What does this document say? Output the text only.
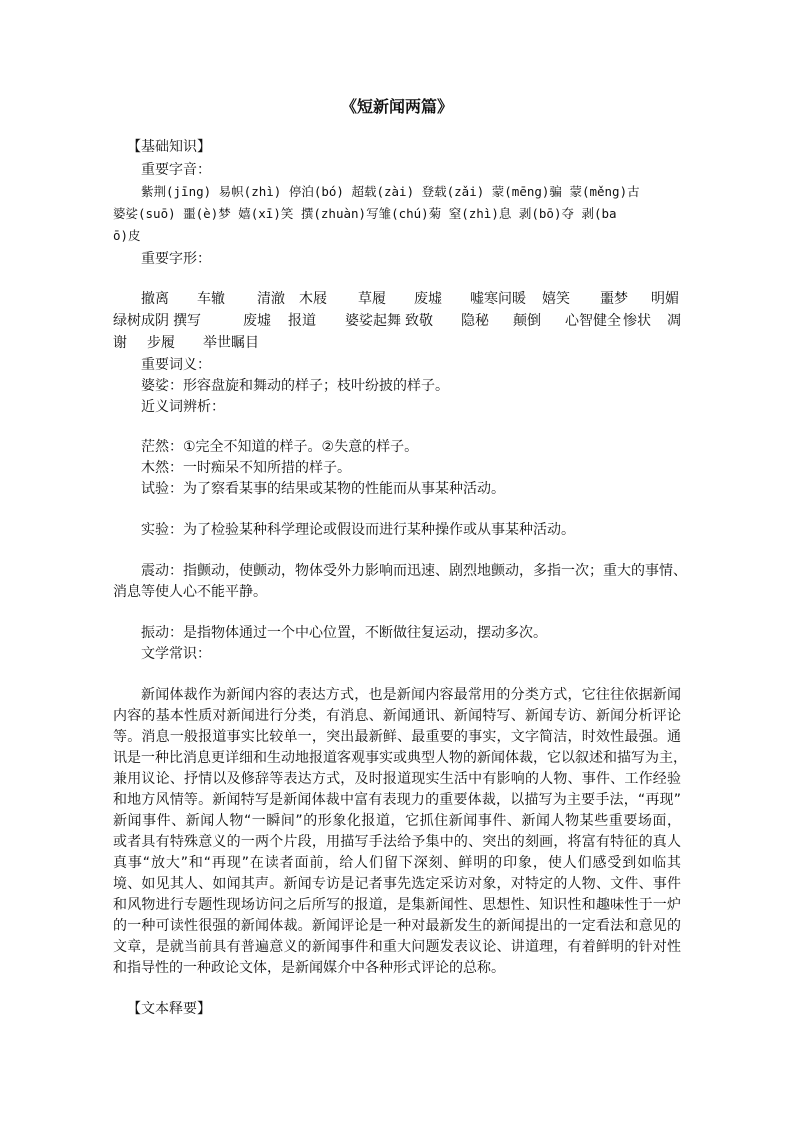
《短新闻两篇》
【基础知识】
重要字音：
紫荆(jīng) 易帜(zhì) 停泊(bó) 超载(zài) 登载(zǎi) 蒙(mēng)骗 蒙(měng)古
婆娑(suō) 噩(è)梦 嬉(xī)笑 撰(zhuàn)写雏(chú)菊 窒(zhì)息 剥(bō)夺 剥(ba
ō)皮
重要字形：
撤离 车辙 清澈 木屐 草履 废墟 嘘寒问暖 嬉笑 噩梦 明媚
绿树成阴 撰写	废墟 报道 婆娑起舞 致敬 隐秘 颠倒 心智健全 惨状 凋
谢 步履 举世瞩目
重要词义：
婆娑：形容盘旋和舞动的样子；枝叶纷披的样子。
近义词辨析：
茫然：①完全不知道的样子。②失意的样子。
木然：一时痴呆不知所措的样子。
试验：为了察看某事的结果或某物的性能而从事某种活动。
实验：为了检验某种科学理论或假设而进行某种操作或从事某种活动。
震动：指颤动，使颤动，物体受外力影响而迅速、剧烈地颤动，多指一次；重大的事情、
消息等使人心不能平静。
振动：是指物体通过一个中心位置，不断做往复运动，摆动多次。
文学常识：
新闻体裁作为新闻内容的表达方式，也是新闻内容最常用的分类方式，它往往依据新闻
内容的基本性质对新闻进行分类，有消息、新闻通讯、新闻特写、新闻专访、新闻分析评论
等。消息一般报道事实比较单一，突出最新鲜、最重要的事实，文字简洁，时效性最强。通
讯是一种比消息更详细和生动地报道客观事实或典型人物的新闻体裁，它以叙述和描写为主，
兼用议论、抒情以及修辞等表达方式，及时报道现实生活中有影响的人物、事件、工作经验
和地方风情等。新闻特写是新闻体裁中富有表现力的重要体裁，以描写为主要手法，“再现”
新闻事件、新闻人物“一瞬间”的形象化报道，它抓住新闻事件、新闻人物某些重要场面，
或者具有特殊意义的一两个片段，用描写手法给予集中的、突出的刻画，将富有特征的真人
真事“放大”和“再现”在读者面前，给人们留下深刻、鲜明的印象，使人们感受到如临其
境、如见其人、如闻其声。新闻专访是记者事先选定采访对象，对特定的人物、文件、事件
和风物进行专题性现场访问之后所写的报道，是集新闻性、思想性、知识性和趣味性于一炉
的一种可读性很强的新闻体裁。新闻评论是一种对最新发生的新闻提出的一定看法和意见的
文章，是就当前具有普遍意义的新闻事件和重大问题发表议论、讲道理，有着鲜明的针对性
和指导性的一种政论文体，是新闻媒介中各种形式评论的总称。
【文本释要】
